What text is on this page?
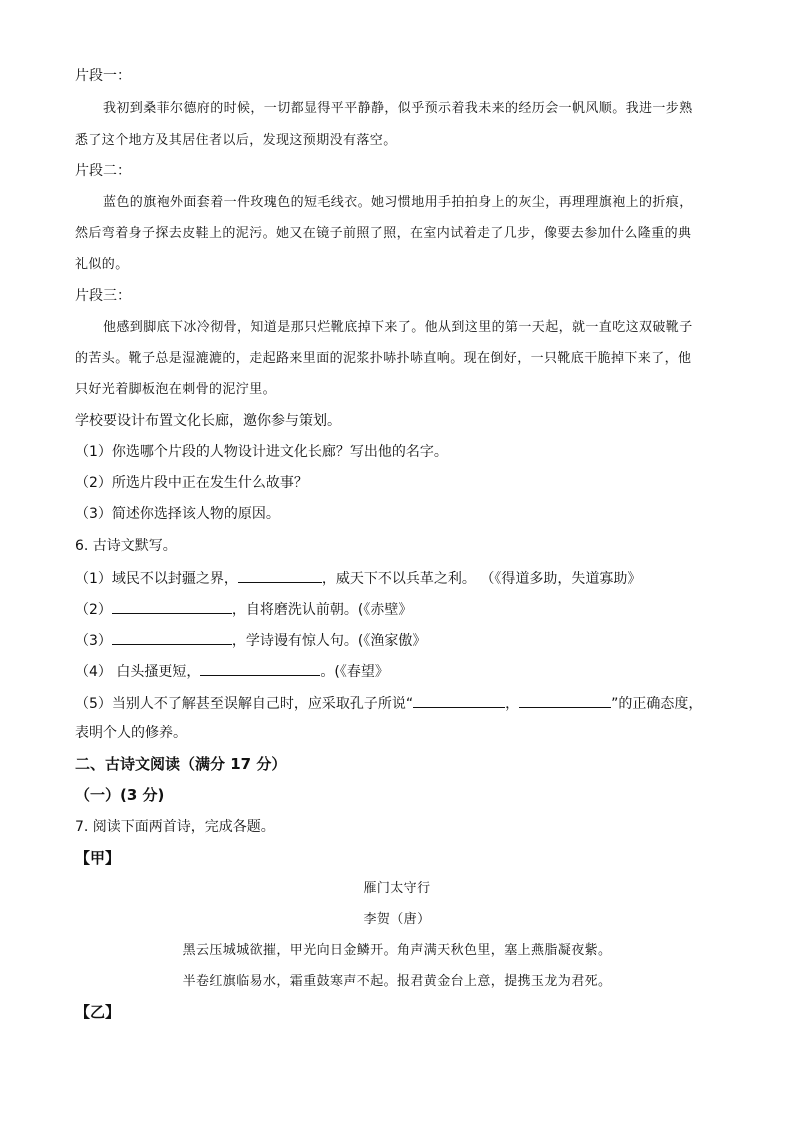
片段一：
我初到桑菲尔德府的时候，一切都显得平平静静，似乎预示着我未来的经历会一帆风顺。我进一步熟
悉了这个地方及其居住者以后，发现这预期没有落空。
片段二：
蓝色的旗袍外面套着一件玫瑰色的短毛线衣。她习惯地用手拍拍身上的灰尘，再理理旗袍上的折痕，
然后弯着身子探去皮鞋上的泥污。她又在镜子前照了照，在室内试着走了几步，像要去参加什么隆重的典
礼似的。
片段三：
他感到脚底下冰冷彻骨，知道是那只烂靴底掉下来了。他从到这里的第一天起，就一直吃这双破靴子
的苦头。靴子总是湿漉漉的，走起路来里面的泥浆扑哧扑哧直响。现在倒好，一只靴底干脆掉下来了，他
只好光着脚板泡在刺骨的泥泞里。
学校要设计布置文化长廊，邀你参与策划。
（1）你选哪个片段的人物设计进文化长廊？写出他的名字。
（2）所选片段中正在发生什么故事？
（3）简述你选择该人物的原因。
6. 古诗文默写。
（1）域民不以封疆之界，	，威天下不以兵革之利。 （《得道多助，失道寡助》
（2）	，自将磨洗认前朝。(《赤壁》
（3）	，学诗谩有惊人句。(《渔家傲》
（4） 白头搔更短，	。(《春望》
（5）当别人不了解甚至误解自己时，应采取孔子所说“	，	”的正确态度，
表明个人的修养。
二、古诗文阅读（满分 17 分）
（一）(3 分)
7. 阅读下面两首诗，完成各题。
【甲】
雁门太守行
李贺（唐）
黑云压城城欲摧，甲光向日金鳞开。角声满天秋色里，塞上燕脂凝夜紫。
半卷红旗临易水，霜重鼓寒声不起。报君黄金台上意，提携玉龙为君死。
【乙】
